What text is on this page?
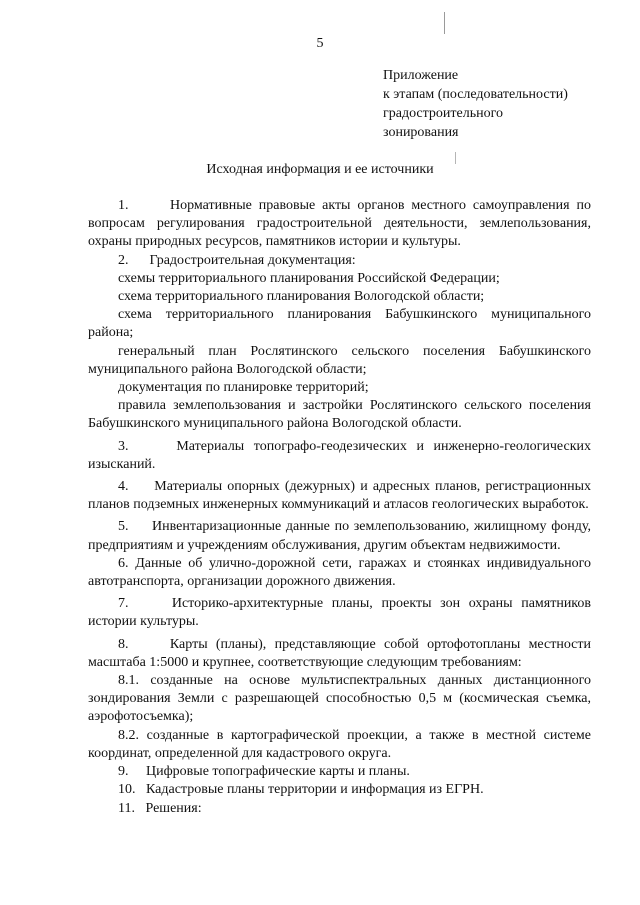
5
Приложение
к этапам (последовательности)
градостроительного
зонирования
Исходная информация и ее источники
1.	Нормативные правовые акты органов местного самоуправления по вопросам регулирования градостроительной деятельности, землепользования, охраны природных ресурсов, памятников истории и культуры.
2. Градостроительная документация:
схемы территориального планирования Российской Федерации;
схема территориального планирования Вологодской области;
схема территориального планирования Бабушкинского муниципального района;
генеральный план Рослятинского сельского поселения Бабушкинского муниципального района Вологодской области;
документация по планировке территорий;
правила землепользования и застройки Рослятинского сельского поселения Бабушкинского муниципального района Вологодской области.
3.	Материалы топографо-геодезических и инженерно-геологических изысканий.
4. Материалы опорных (дежурных) и адресных планов, регистрационных планов подземных инженерных коммуникаций и атласов геологических выработок.
5. Инвентаризационные данные по землепользованию, жилищному фонду, предприятиям и учреждениям обслуживания, другим объектам недвижимости.
6. Данные об улично-дорожной сети, гаражах и стоянках индивидуального автотранспорта, организации дорожного движения.
7.	Историко-архитектурные планы, проекты зон охраны памятников истории культуры.
8.	Карты (планы), представляющие собой ортофотопланы местности масштаба 1:5000 и крупнее, соответствующие следующим требованиям:
8.1. созданные на основе мультиспектральных данных дистанционного зондирования Земли с разрешающей способностью 0,5 м (космическая съемка, аэрофотосъемка);
8.2. созданные в картографической проекции, а также в местной системе координат, определенной для кадастрового округа.
9. Цифровые топографические карты и планы.
10. Кадастровые планы территории и информация из ЕГРН.
11. Решения:
